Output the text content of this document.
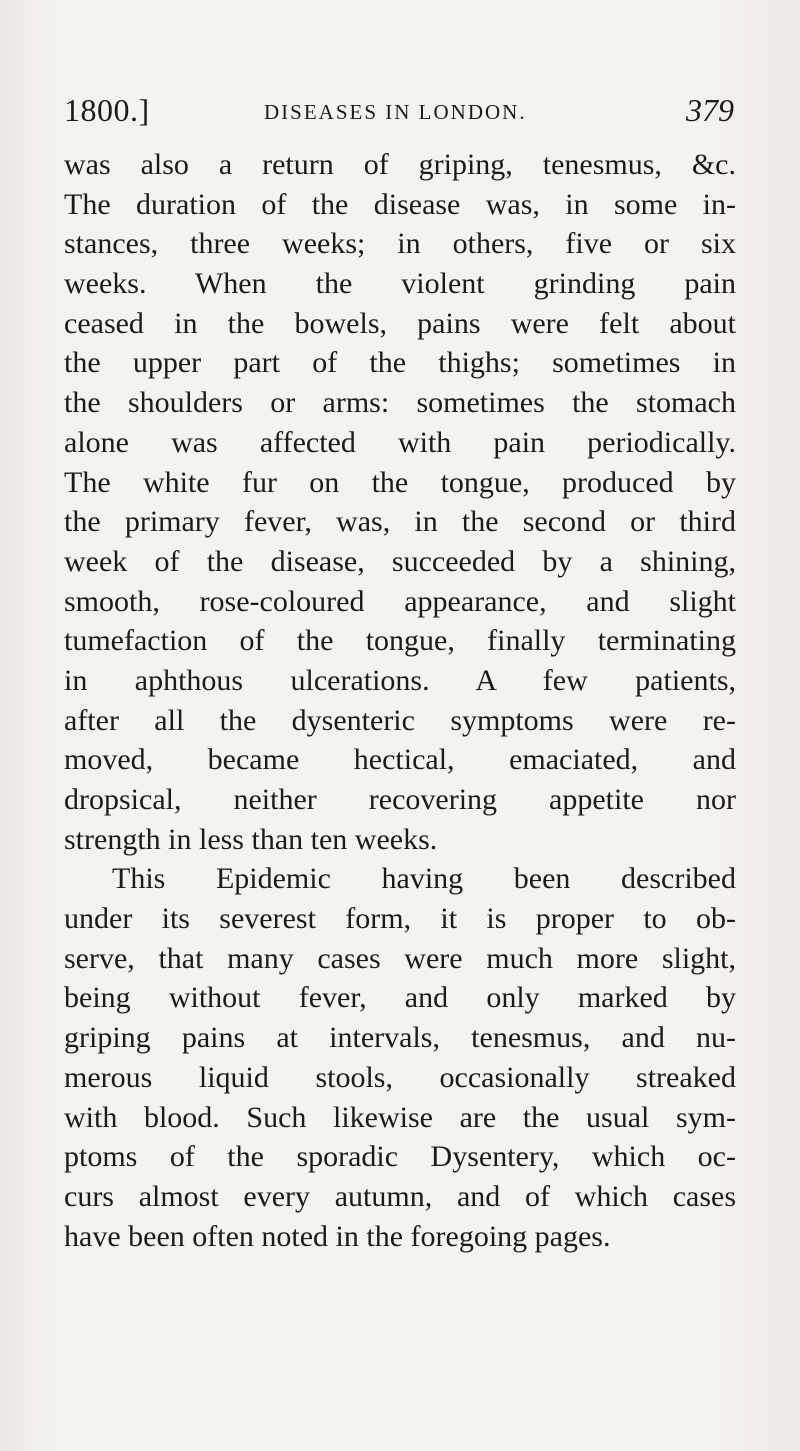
1800.]	DISEASES IN LONDON.	379
was also a return of griping, tenesmus, &c.
The duration of the disease was, in some in-
stances, three weeks; in others, five or six
weeks. When the violent grinding pain
ceased in the bowels, pains were felt about
the upper part of the thighs; sometimes in
the shoulders or arms: sometimes the stomach
alone was affected with pain periodically.
The white fur on the tongue, produced by
the primary fever, was, in the second or third
week of the disease, succeeded by a shining,
smooth, rose-coloured appearance, and slight
tumefaction of the tongue, finally terminating
in aphthous ulcerations. A few patients,
after all the dysenteric symptoms were re-
moved, became hectical, emaciated, and
dropsical, neither recovering appetite nor
strength in less than ten weeks.
This Epidemic having been described
under its severest form, it is proper to ob-
serve, that many cases were much more slight,
being without fever, and only marked by
griping pains at intervals, tenesmus, and nu-
merous liquid stools, occasionally streaked
with blood. Such likewise are the usual sym-
ptoms of the sporadic Dysentery, which oc-
curs almost every autumn, and of which cases
have been often noted in the foregoing pages.
